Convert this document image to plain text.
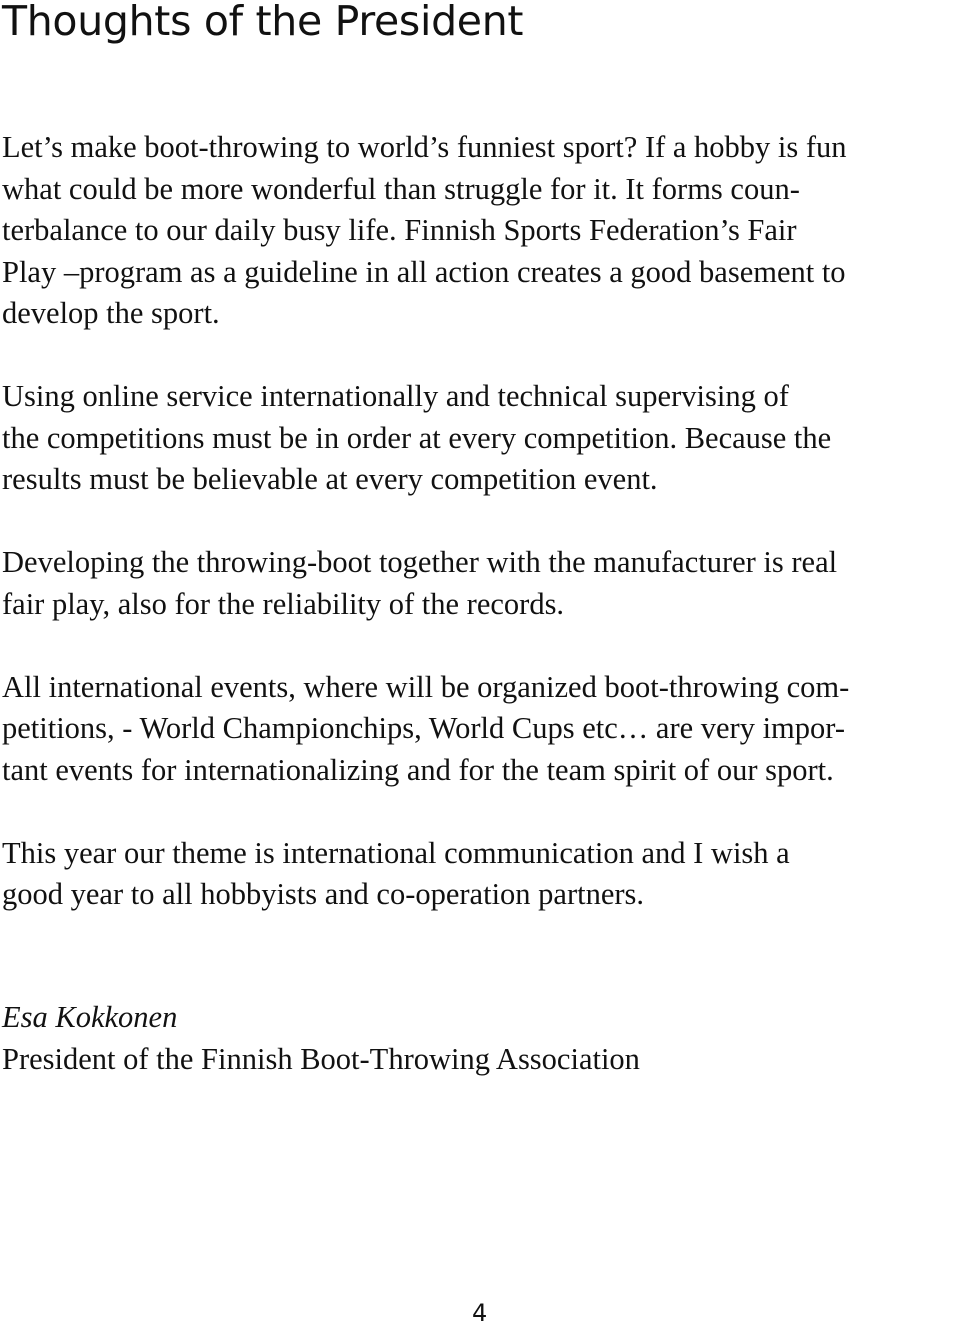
Thoughts of the President

Let’s make boot-throwing to world’s funniest sport? If a hobby is fun
what could be more wonderful than struggle for it. It forms coun-
terbalance to our daily busy life. Finnish Sports Federation’s Fair
Play –program as a guideline in all action creates a good basement to
develop the sport.

Using online service internationally and technical supervising of
the competitions must be in order at every competition. Because the
results must be believable at every competition event.

Developing the throwing-boot together with the manufacturer is real
fair play, also for the reliability of the records.

All international events, where will be organized boot-throwing com-
petitions, - World Championchips, World Cups etc… are very impor-
tant events for internationalizing and for the team spirit of our sport.

This year our theme is international communication and I wish a
good year to all hobbyists and co-operation partners.

Esa Kokkonen
President of the Finnish Boot-Throwing Association
4
